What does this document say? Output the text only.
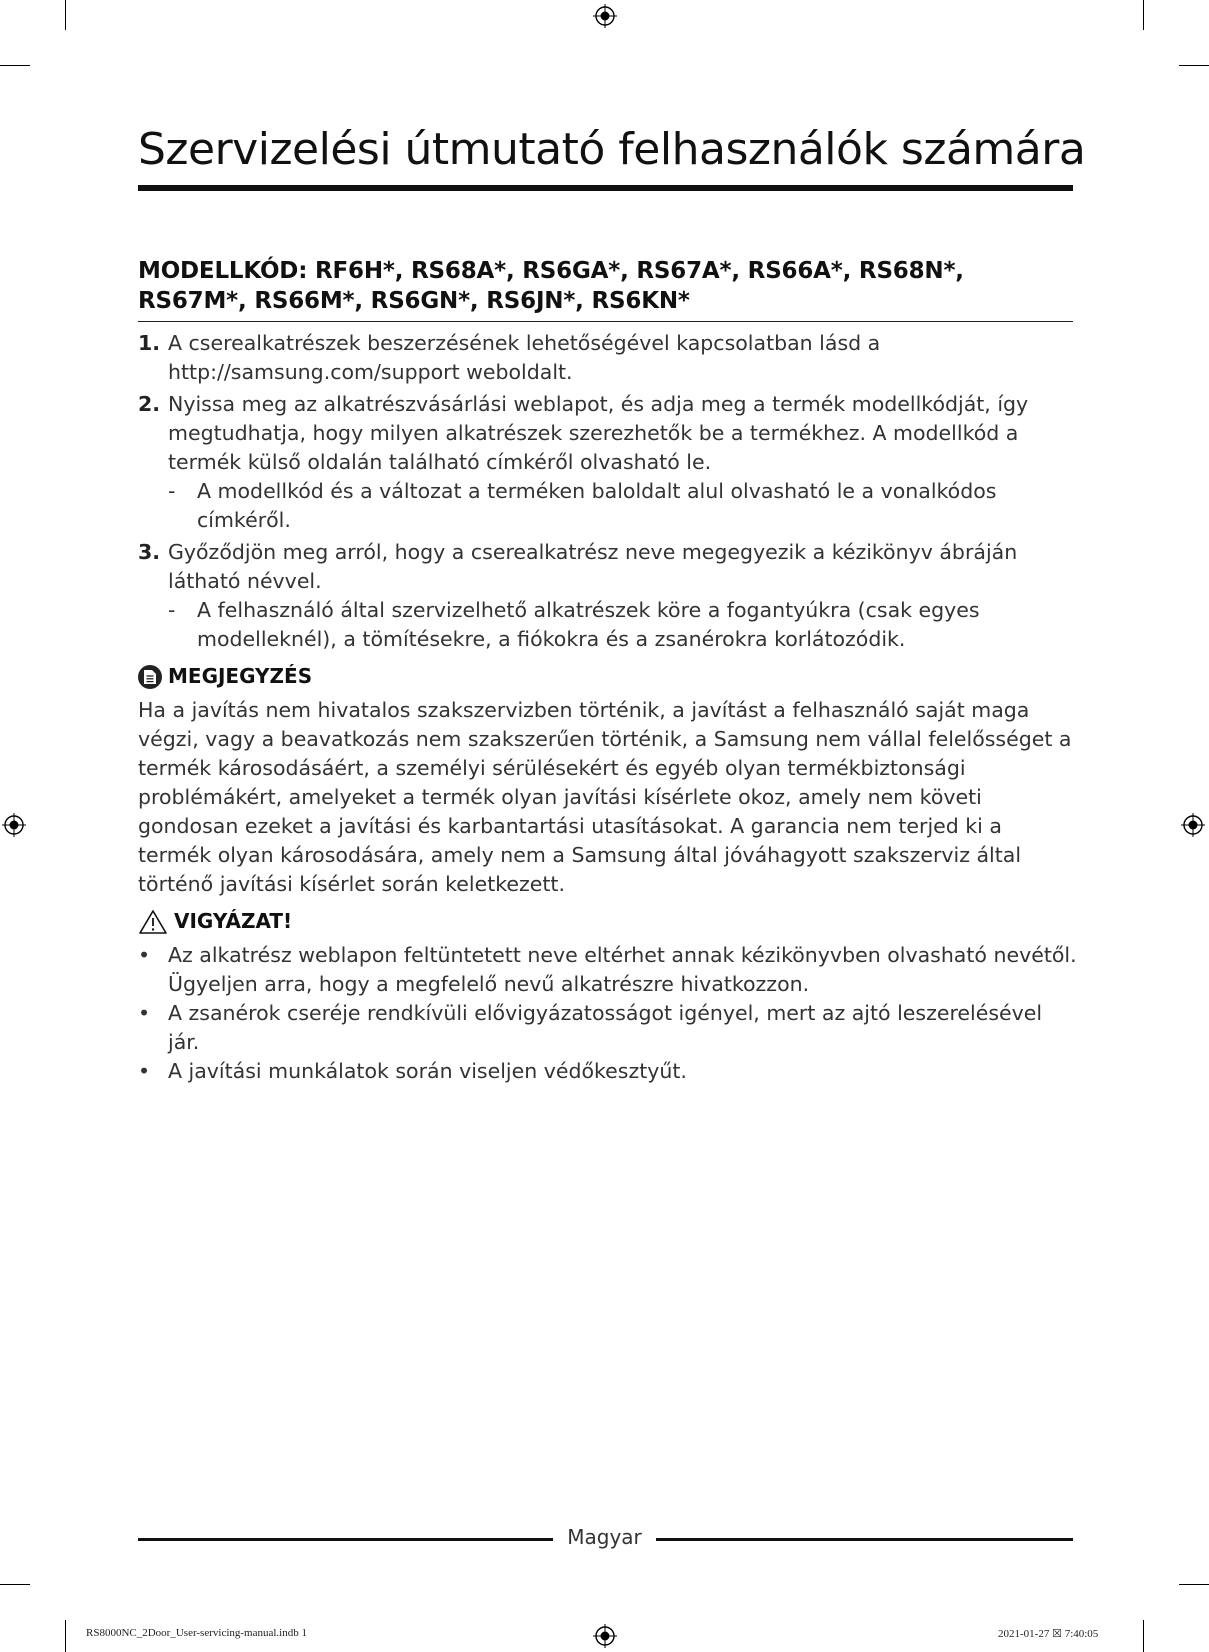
Szervizelési útmutató felhasználók számára
MODELLKÓD: RF6H*, RS68A*, RS6GA*, RS67A*, RS66A*, RS68N*, RS67M*, RS66M*, RS6GN*, RS6JN*, RS6KN*
1. A cserealkatrészek beszerzésének lehetőségével kapcsolatban lásd a http://samsung.com/support weboldalt.
2. Nyissa meg az alkatrészvásárlási weblapot, és adja meg a termék modellkódját, így megtudhatja, hogy milyen alkatrészek szerezhetők be a termékhez. A modellkód a termék külső oldalán található címkéről olvasható le.
- A modellkód és a változat a terméken baloldalt alul olvasható le a vonalkódos címkéről.
3. Győződjön meg arról, hogy a cserealkatrész neve megegyezik a kézikönyv ábráján látható névvel.
- A felhasználó által szervizelhető alkatrészek köre a fogantyúkra (csak egyes modelleknél), a tömítésekre, a fiókokra és a zsanérokra korlátozódik.
MEGJEGYZÉS

Ha a javítás nem hivatalos szakszervizben történik, a javítást a felhasználó saját maga végzi, vagy a beavatkozás nem szakszerűen történik, a Samsung nem vállal felelősséget a termék károsodásáért, a személyi sérülésekért és egyéb olyan termékbiztonsági problémákért, amelyeket a termék olyan javítási kísérlete okoz, amely nem követi gondosan ezeket a javítási és karbantartási utasításokat. A garancia nem terjed ki a termék olyan károsodására, amely nem a Samsung által jóváhagyott szakszerviz által történő javítási kísérlet során keletkezett.

VIGYÁZAT!
• Az alkatrész weblapon feltüntetett neve eltérhet annak kézikönyvben olvasható nevétől. Ügyeljen arra, hogy a megfelelő nevű alkatrészre hivatkozzon.
• A zsanérok cseréje rendkívüli elővigyázatosságot igényel, mert az ajtó leszerelésével jár.
• A javítási munkálatok során viseljen védőkesztyűt.
Magyar
RS8000NC_2Door_User-servicing-manual.indb 1	2021-01-27 ☒ 7:40:05
